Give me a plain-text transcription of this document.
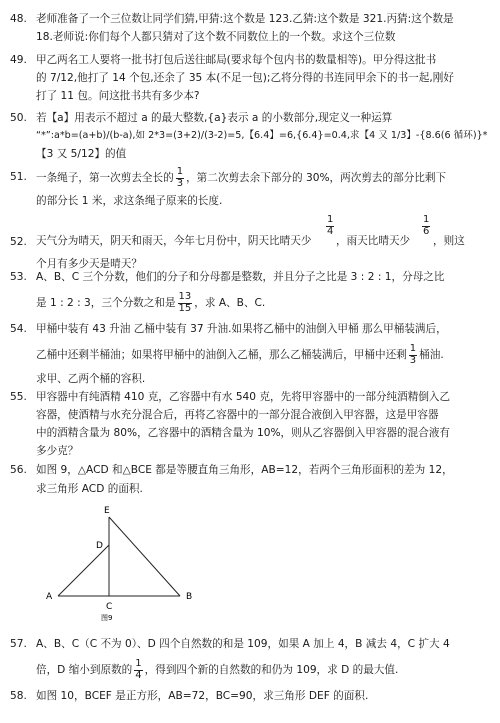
48. 老师准备了一个三位数让同学们猜,甲猜:这个数是 123.乙猜:这个数是 321.丙猜:这个数是
18.老师说:你们每个人都只猜对了这个数不同数位上的一个数。求这个三位数
49. 甲乙两名工人要将一批书打包后送往邮局(要求每个包内书的数量相等)。甲分得这批书
的 7/12,他打了 14 个包,还余了 35 本(不足一包);乙将分得的书连同甲余下的书一起,刚好
打了 11 包。问这批书共有多少本?
50. 若【a】用表示不超过 a 的最大整数,{a}表示 a 的小数部分,现定义一种运算
“*”:a*b=(a+b)/(b-a),如 2*3=(3+2)/(3-2)=5,【6.4】=6,{6.4}=0.4,求【4 又 1/3】-{8.6(6 循环)}*
【3 又 5/12】的值
51. 一条绳子，第一次剪去全长的 $\frac{1}{3}$ ，第二次剪去余下部分的 30%，两次剪去的部分比剩下
的部分长 1 米，求这条绳子原来的长度.
52. 天气分为晴天，阴天和雨天，今年七月份中，阴天比晴天少
$\frac{1}{4}$
，雨天比晴天少
$\frac{1}{6}$
，则这
个月有多少天是晴天？
53. A、B、C 三个分数，他们的分子和分母都是整数，并且分子之比是 3 : 2 : 1，分母之比
是 1 : 2 : 3，三个分数之和是 $\frac{13}{15}$ ，求 A、B、C.
54. 甲桶中装有 43 升油 乙桶中装有 37 升油.如果将乙桶中的油倒入甲桶 那么甲桶装满后，
乙桶中还剩半桶油；如果将甲桶中的油倒入乙桶，那么乙桶装满后，甲桶中还剩 $\frac{1}{3}$ 桶油.
求甲、乙两个桶的容积.
55. 甲容器中有纯酒精 410 克，乙容器中有水 540 克，先将甲容器中的一部分纯酒精倒入乙
容器，使酒精与水充分混合后，再将乙容器中的一部分混合液倒入甲容器，这是甲容器
中的酒精含量为 80%，乙容器中的酒精含量为 10%，则从乙容器倒入甲容器的混合液有
多少克？
56. 如图 9，△ACD 和△BCE 都是等腰直角三角形，AB=12，若两个三角形面积的差为 12，
求三角形 ACD 的面积.
E
D
A	B
C
图9
57. A、B、C（C 不为 0）、D 四个自然数的和是 109，如果 A 加上 4，B 减去 4，C 扩大 4
倍，D 缩小到原数的 $\frac{1}{4}$ ，得到四个新的自然数的和仍为 109，求 D 的最大值.
58. 如图 10，BCEF 是正方形，AB=72，BC=90，求三角形 DEF 的面积.
